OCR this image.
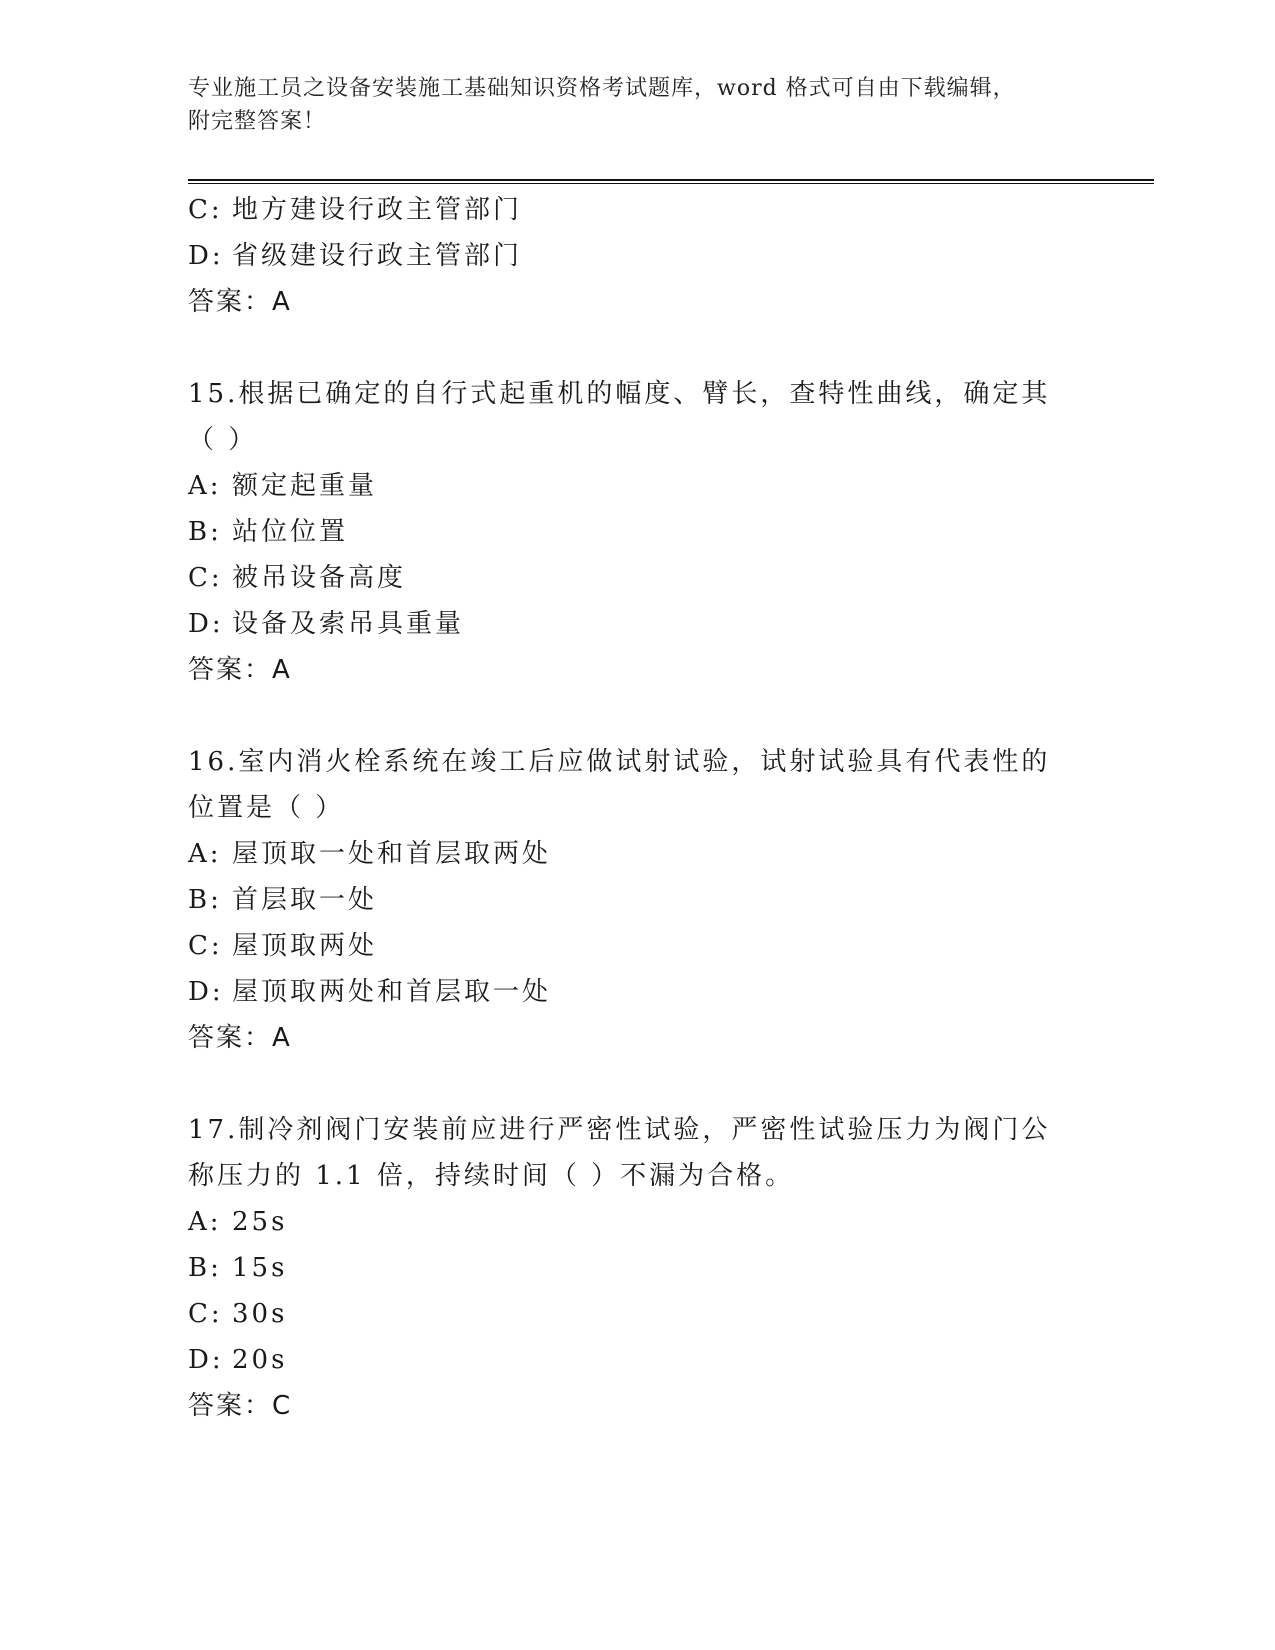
专业施工员之设备安装施工基础知识资格考试题库，word 格式可自由下载编辑，
附完整答案！
C: 地方建设行政主管部门
D: 省级建设行政主管部门
答案：A
15.根据已确定的自行式起重机的幅度、臂长，查特性曲线，确定其（ ）
A: 额定起重量
B: 站位位置
C: 被吊设备高度
D: 设备及索吊具重量
答案：A
16.室内消火栓系统在竣工后应做试射试验，试射试验具有代表性的位置是（ ）
A: 屋顶取一处和首层取两处
B: 首层取一处
C: 屋顶取两处
D: 屋顶取两处和首层取一处
答案：A
17.制冷剂阀门安装前应进行严密性试验，严密性试验压力为阀门公称压力的 1.1 倍，持续时间（ ）不漏为合格。
A: 25s
B: 15s
C: 30s
D: 20s
答案：C
